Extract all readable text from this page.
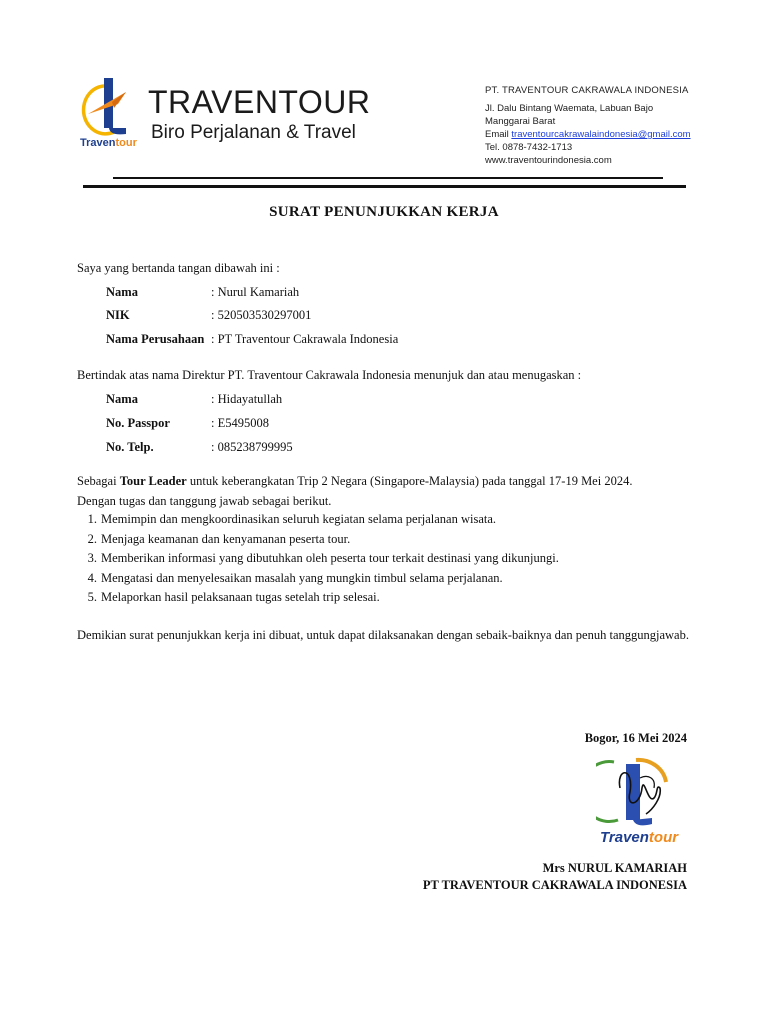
Traventour
TRAVENTOUR
Biro Perjalanan & Travel
PT. TRAVENTOUR CAKRAWALA INDONESIA
Jl. Dalu Bintang Waemata, Labuan Bajo
Manggarai Barat
Email traventourcakrawalaindonesia@gmail.com
Tel. 0878-7432-1713
www.traventourindonesia.com
SURAT PENUNJUKKAN KERJA
Saya yang bertanda tangan dibawah ini :
Nama	: Nurul Kamariah
NIK	: 520503530297001
Nama Perusahaan : PT Traventour Cakrawala Indonesia
Bertindak atas nama Direktur PT. Traventour Cakrawala Indonesia menunjuk dan atau menugaskan :
Nama	: Hidayatullah
No. Passpor	: E5495008
No. Telp.	: 085238799995
Sebagai Tour Leader untuk keberangkatan Trip 2 Negara (Singapore-Malaysia) pada tanggal 17-19 Mei 2024.
Dengan tugas dan tanggung jawab sebagai berikut.
1. Memimpin dan mengkoordinasikan seluruh kegiatan selama perjalanan wisata.
2. Menjaga keamanan dan kenyamanan peserta tour.
3. Memberikan informasi yang dibutuhkan oleh peserta tour terkait destinasi yang dikunjungi.
4. Mengatasi dan menyelesaikan masalah yang mungkin timbul selama perjalanan.
5. Melaporkan hasil pelaksanaan tugas setelah trip selesai.
Demikian surat penunjukkan kerja ini dibuat, untuk dapat dilaksanakan dengan sebaik-baiknya dan penuh tanggungjawab.
Bogor, 16 Mei 2024
Traventour
Mrs NURUL KAMARIAH
PT TRAVENTOUR CAKRAWALA INDONESIA
